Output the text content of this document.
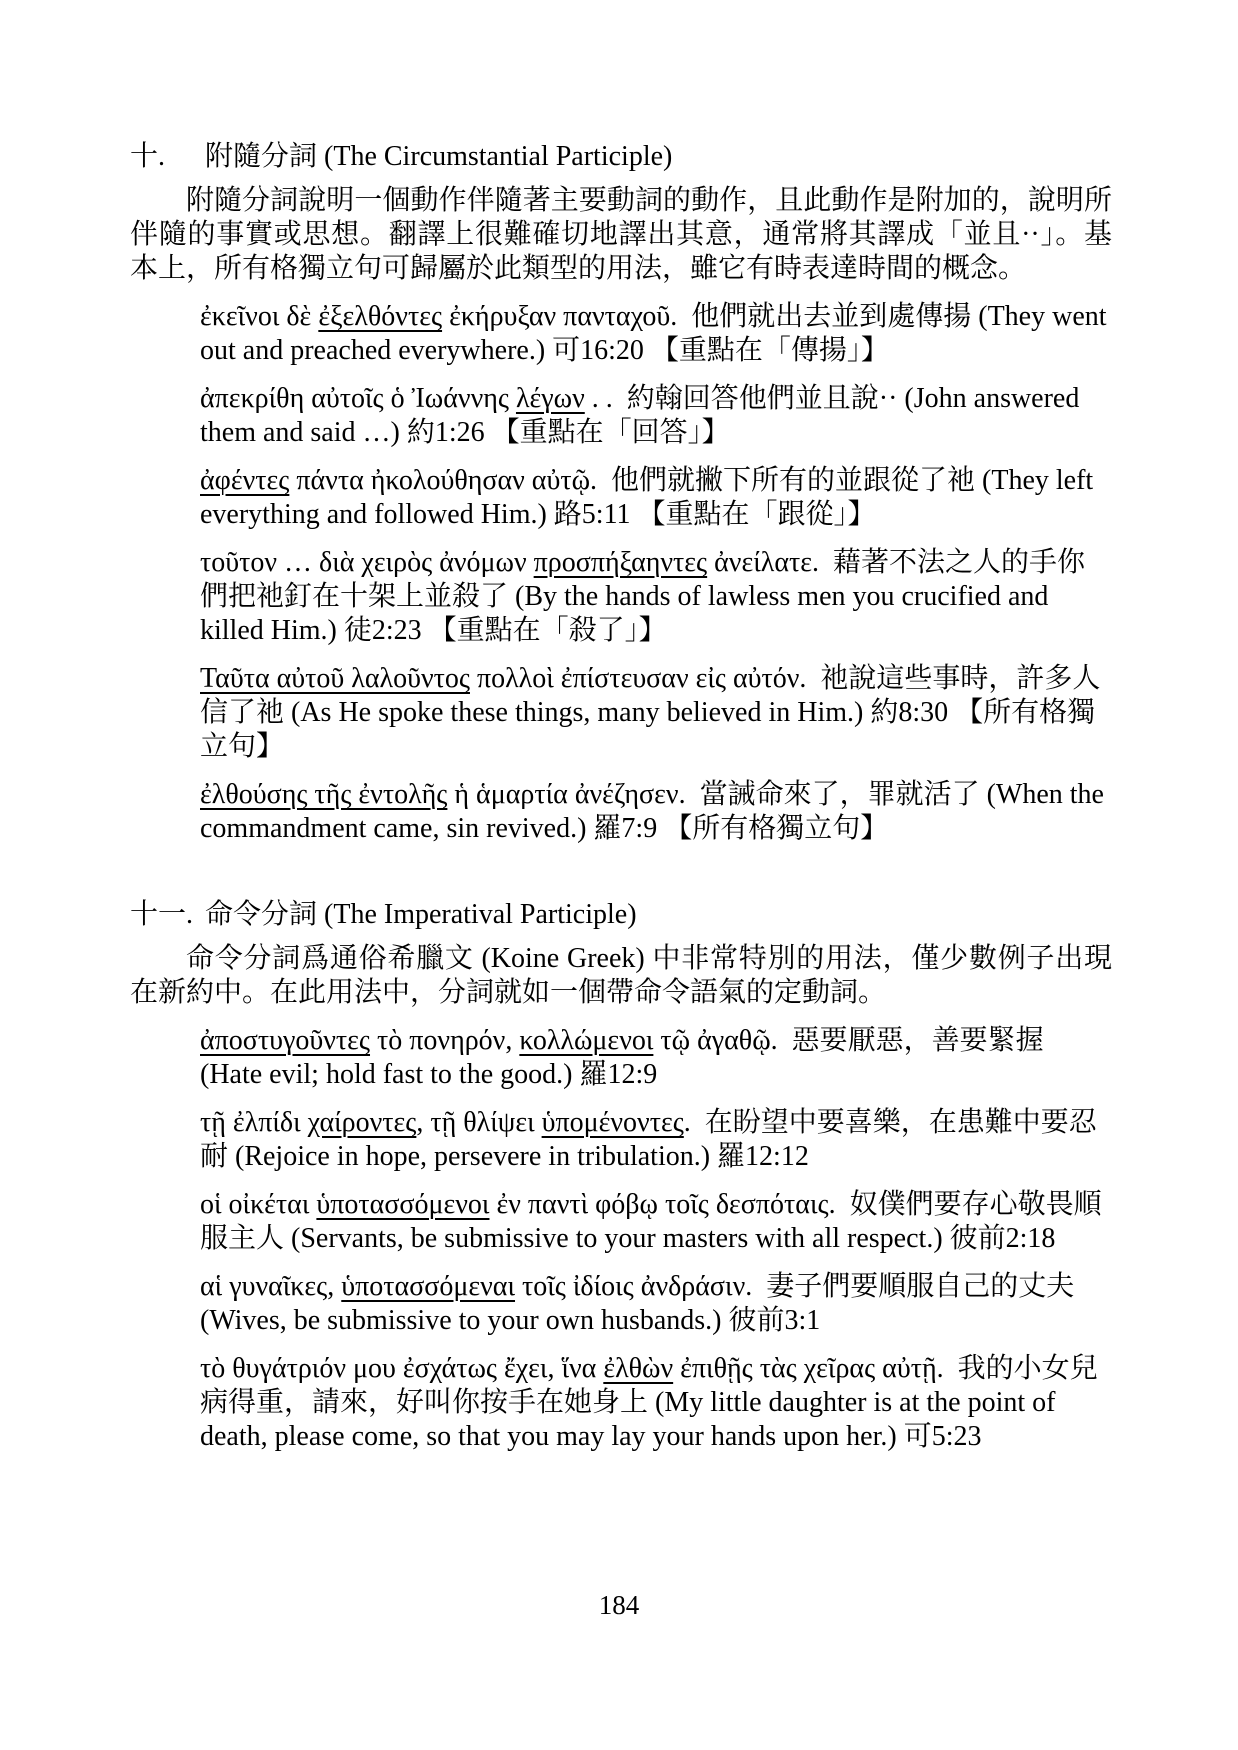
十. 附隨分詞 (The Circumstantial Participle)

附隨分詞說明一個動作伴隨著主要動詞的動作，且此動作是附加的，說明所伴隨的事實或思想。翻譯上很難確切地譯出其意，通常將其譯成「並且··」。基本上，所有格獨立句可歸屬於此類型的用法，雖它有時表達時間的概念。

ἐκεῖνοι δὲ ἐξελθόντες ἐκήρυξαν πανταχοῦ.  他們就出去並到處傳揚 (They went out and preached everywhere.) 可16:20 【重點在「傳揚」】

ἀπεκρίθη αὐτοῖς ὁ Ἰωάννης λέγων . .  約翰回答他們並且說·· (John answered them and said …) 約1:26 【重點在「回答」】

ἀφέντες πάντα ἠκολούθησαν αὐτῷ.  他們就撇下所有的並跟從了祂 (They left everything and followed Him.) 路5:11 【重點在「跟從」】

τοῦτον … διὰ χειρὸς ἀνόμων προσπήξαηντες ἀνείλατε.  藉著不法之人的手你們把祂釘在十架上並殺了 (By the hands of lawless men you crucified and killed Him.) 徒2:23 【重點在「殺了」】

Ταῦτα αὐτοῦ λαλοῦντος πολλοὶ ἐπίστευσαν εἰς αὐτόν.  祂說這些事時，許多人信了祂 (As He spoke these things, many believed in Him.) 約8:30 【所有格獨立句】

ἐλθούσης τῆς ἐντολῆς ἡ ἁμαρτία ἀνέζησεν.  當誡命來了，罪就活了 (When the commandment came, sin revived.) 羅7:9 【所有格獨立句】

十一. 命令分詞 (The Imperatival Participle)

命令分詞爲通俗希臘文 (Koine Greek) 中非常特別的用法，僅少數例子出現在新約中。在此用法中，分詞就如一個帶命令語氣的定動詞。

ἀποστυγοῦντες τὸ πονηρόν, κολλώμενοι τῷ ἀγαθῷ.  惡要厭惡，善要緊握 (Hate evil; hold fast to the good.) 羅12:9

τῇ ἐλπίδι χαίροντες, τῇ θλίψει ὑπομένοντες.  在盼望中要喜樂，在患難中要忍耐 (Rejoice in hope, persevere in tribulation.) 羅12:12

οἱ οἰκέται ὑποτασσόμενοι ἐν παντὶ φόβῳ τοῖς δεσπόταις.  奴僕們要存心敬畏順服主人 (Servants, be submissive to your masters with all respect.) 彼前2:18

αἱ γυναῖκες, ὑποτασσόμεναι τοῖς ἰδίοις ἀνδράσιν.  妻子們要順服自己的丈夫 (Wives, be submissive to your own husbands.) 彼前3:1

τὸ θυγάτριόν μου ἐσχάτως ἔχει, ἵνα ἐλθὼν ἐπιθῇς τὰς χεῖρας αὐτῇ.  我的小女兒病得重，請來，好叫你按手在她身上 (My little daughter is at the point of death, please come, so that you may lay your hands upon her.) 可5:23

184
